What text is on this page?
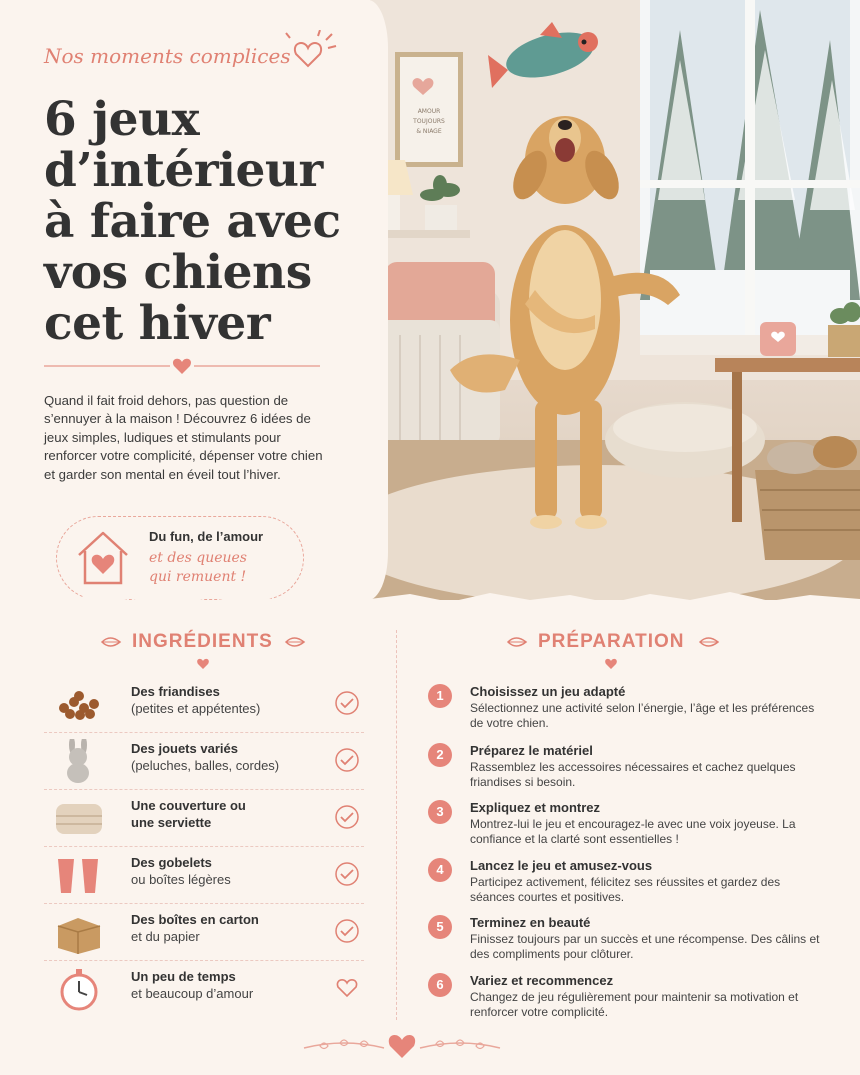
AMOUR
TOUJOURS
& NIAGE
Nos moments complices
6 jeux
d’intérieur
à faire avec
vos chiens
cet hiver

Quand il fait froid dehors, pas question de s’ennuyer à la maison ! Découvrez 6 idées de jeux simples, ludiques et stimulants pour renforcer votre complicité, dépenser votre chien et garder son mental en éveil tout l’hiver.

Du fun, de l’amour
et des queues
qui remuent !
INGRÉDIENTS
Des friandises
(petites et appétentes)
Des jouets variés
(peluches, balles, cordes)
Une couverture ou
une serviette
Des gobelets
ou boîtes légères
Des boîtes en carton
et du papier
Un peu de temps
et beaucoup d’amour
PRÉPARATION
1	Choisissez un jeu adapté
Sélectionnez une activité selon l’énergie, l’âge et les préférences de votre chien.
2	Préparez le matériel
Rassemblez les accessoires nécessaires et cachez quelques friandises si besoin.
3	Expliquez et montrez
Montrez-lui le jeu et encouragez-le avec une voix joyeuse. La confiance et la clarté sont essentielles !
4	Lancez le jeu et amusez-vous
Participez activement, félicitez ses réussites et gardez des séances courtes et positives.
5	Terminez en beauté
Finissez toujours par un succès et une récompense. Des câlins et des compliments pour clôturer.
6	Variez et recommencez
Changez de jeu régulièrement pour maintenir sa motivation et renforcer votre complicité.
